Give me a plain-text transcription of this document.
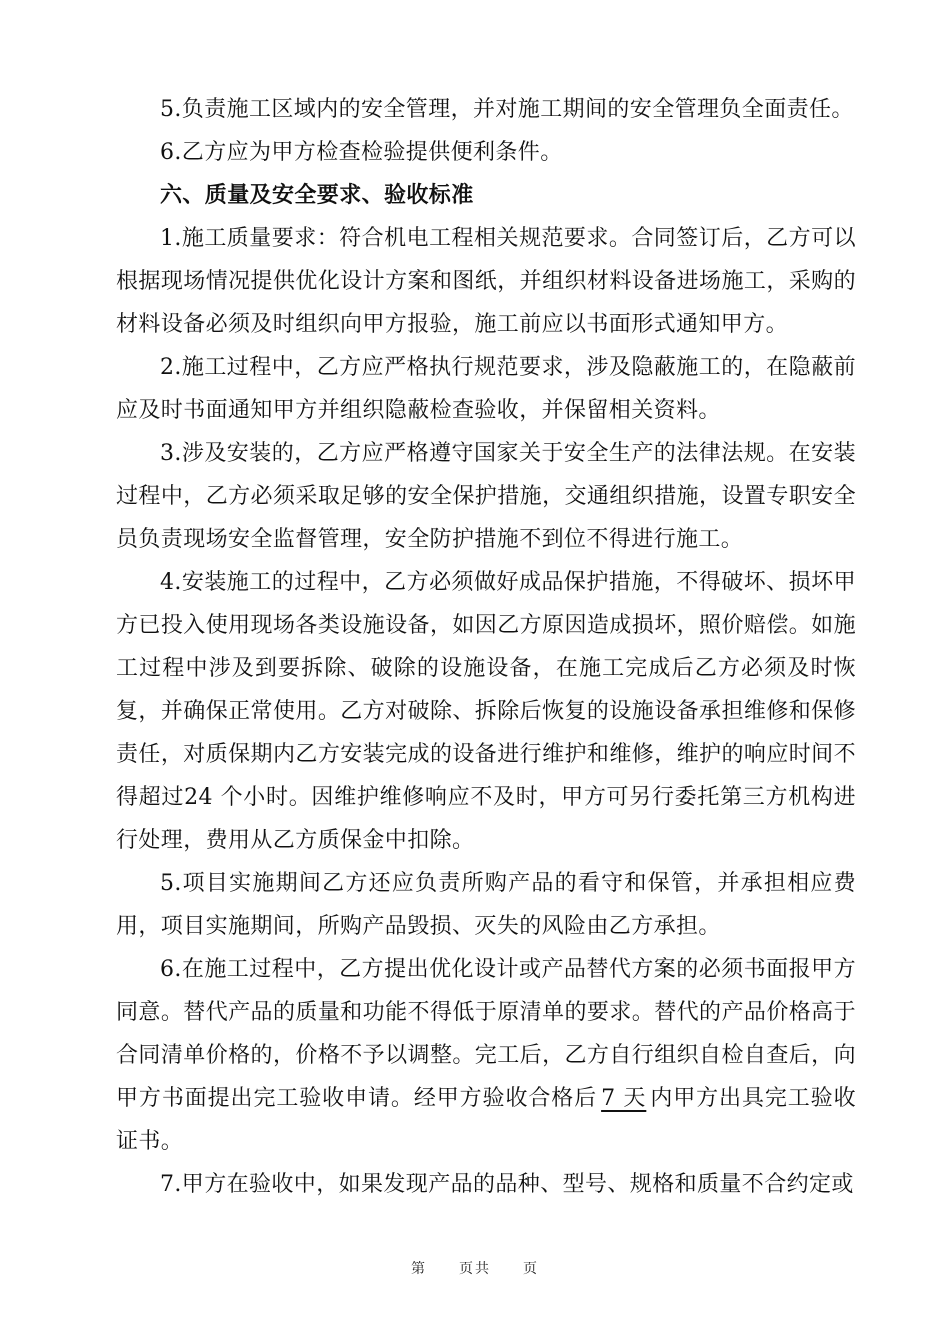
5.负责施工区域内的安全管理，并对施工期间的安全管理负全面责任。

6.乙方应为甲方检查检验提供便利条件。

六、质量及安全要求、验收标准

1.施工质量要求：符合机电工程相关规范要求。合同签订后，乙方可以根据现场情况提供优化设计方案和图纸，并组织材料设备进场施工，采购的材料设备必须及时组织向甲方报验，施工前应以书面形式通知甲方。

2.施工过程中，乙方应严格执行规范要求，涉及隐蔽施工的，在隐蔽前应及时书面通知甲方并组织隐蔽检查验收，并保留相关资料。

3.涉及安装的，乙方应严格遵守国家关于安全生产的法律法规。在安装过程中，乙方必须采取足够的安全保护措施，交通组织措施，设置专职安全员负责现场安全监督管理，安全防护措施不到位不得进行施工。

4.安装施工的过程中，乙方必须做好成品保护措施，不得破坏、损坏甲方已投入使用现场各类设施设备，如因乙方原因造成损坏，照价赔偿。如施工过程中涉及到要拆除、破除的设施设备，在施工完成后乙方必须及时恢复，并确保正常使用。乙方对破除、拆除后恢复的设施设备承担维修和保修责任，对质保期内乙方安装完成的设备进行维护和维修，维护的响应时间不得超过24 个小时。因维护维修响应不及时，甲方可另行委托第三方机构进行处理，费用从乙方质保金中扣除。

5.项目实施期间乙方还应负责所购产品的看守和保管，并承担相应费用，项目实施期间，所购产品毁损、灭失的风险由乙方承担。

6.在施工过程中，乙方提出优化设计或产品替代方案的必须书面报甲方同意。替代产品的质量和功能不得低于原清单的要求。替代的产品价格高于合同清单价格的，价格不予以调整。完工后，乙方自行组织自检自查后，向甲方书面提出完工验收申请。经甲方验收合格后 7 天 内甲方出具完工验收证书。

7.甲方在验收中，如果发现产品的品种、型号、规格和质量不合约定或

第　　页共　　页
